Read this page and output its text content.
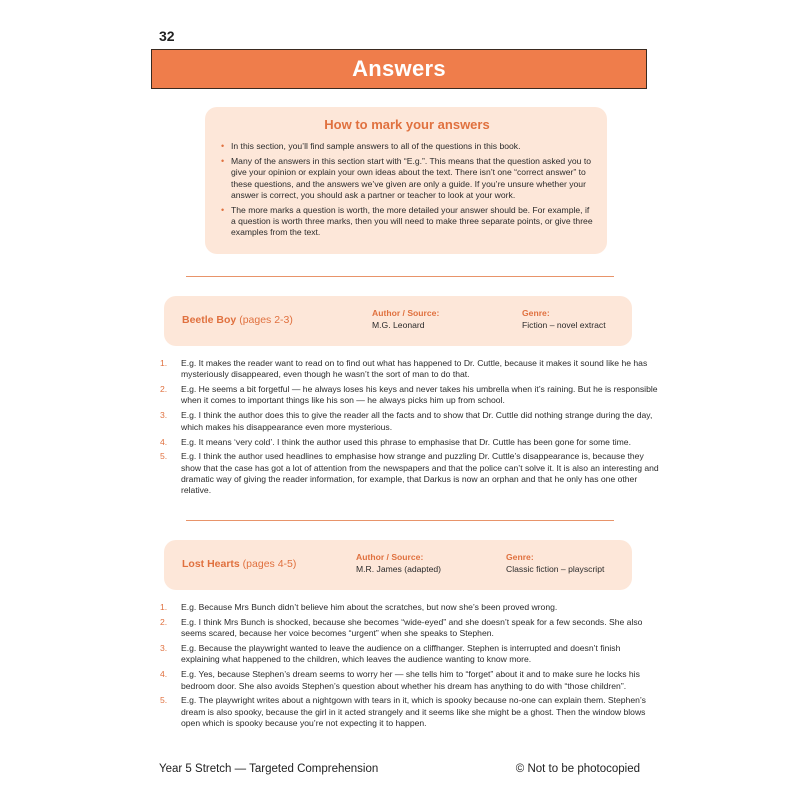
32
Answers
How to mark your answers
• In this section, you’ll find sample answers to all of the questions in this book.
• Many of the answers in this section start with “E.g.”. This means that the question asked you to give your opinion or explain your own ideas about the text. There isn’t one “correct answer” to these questions, and the answers we’ve given are only a guide. If you’re unsure whether your answer is correct, you should ask a partner or teacher to look at your work.
• The more marks a question is worth, the more detailed your answer should be. For example, if a question is worth three marks, then you will need to make three separate points, or give three examples from the text.
Beetle Boy (pages 2-3)
Author / Source:
M.G. Leonard
Genre:
Fiction – novel extract
1. E.g. It makes the reader want to read on to find out what has happened to Dr. Cuttle, because it makes it sound like he has mysteriously disappeared, even though he wasn’t the sort of man to do that.
2. E.g. He seems a bit forgetful — he always loses his keys and never takes his umbrella when it’s raining. But he is responsible when it comes to important things like his son — he always picks him up from school.
3. E.g. I think the author does this to give the reader all the facts and to show that Dr. Cuttle did nothing strange during the day, which makes his disappearance even more mysterious.
4. E.g. It means ‘very cold’. I think the author used this phrase to emphasise that Dr. Cuttle has been gone for some time.
5. E.g. I think the author used headlines to emphasise how strange and puzzling Dr. Cuttle’s disappearance is, because they show that the case has got a lot of attention from the newspapers and that the police can’t solve it. It is also an interesting and dramatic way of giving the reader information, for example, that Darkus is now an orphan and that he only has one other relative.
Lost Hearts (pages 4-5)
Author / Source:
M.R. James (adapted)
Genre:
Classic fiction – playscript
1. E.g. Because Mrs Bunch didn’t believe him about the scratches, but now she’s been proved wrong.
2. E.g. I think Mrs Bunch is shocked, because she becomes “wide-eyed” and she doesn’t speak for a few seconds. She also seems scared, because her voice becomes “urgent” when she speaks to Stephen.
3. E.g. Because the playwright wanted to leave the audience on a cliffhanger. Stephen is interrupted and doesn’t finish explaining what happened to the children, which leaves the audience wanting to know more.
4. E.g. Yes, because Stephen’s dream seems to worry her — she tells him to “forget” about it and to make sure he locks his bedroom door. She also avoids Stephen’s question about whether his dream has anything to do with “those children”.
5. E.g. The playwright writes about a nightgown with tears in it, which is spooky because no-one can explain them. Stephen’s dream is also spooky, because the girl in it acted strangely and it seems like she might be a ghost. Then the window blows open which is spooky because you’re not expecting it to happen.
Year 5 Stretch — Targeted Comprehension	© Not to be photocopied
